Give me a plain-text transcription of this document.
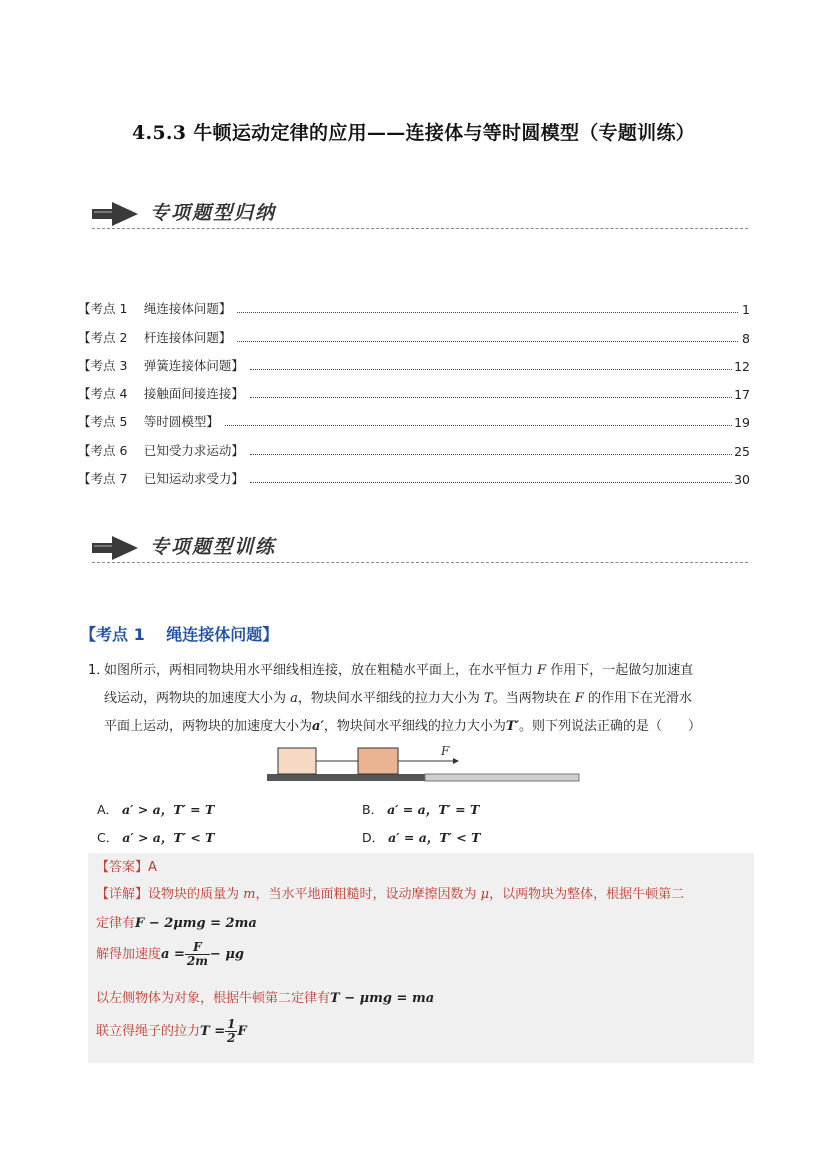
4.5.3 牛顿运动定律的应用——连接体与等时圆模型（专题训练）
专项题型归纳
【考点 1　 绳连接体问题】	1
【考点 2　 杆连接体问题】	8
【考点 3　 弹簧连接体问题】	12
【考点 4　 接触面间接连接】	17
【考点 5　 等时圆模型】	19
【考点 6　 已知受力求运动】	25
【考点 7　 已知运动求受力】	30
专项题型训练
【考点 1　 绳连接体问题】
1．
如图所示，两相同物块用水平细线相连接，放在粗糙水平面上，在水平恒力 F 作用下，一起做匀加速直
线运动，两物块的加速度大小为 a，物块间水平细线的拉力大小为 T。当两物块在 F 的作用下在光滑水
平面上运动，两物块的加速度大小为a′，物块间水平细线的拉力大小为T′。则下列说法正确的是（　　）
F
A． a′ > a，T′ = T	B． a′ = a，T′ = T
C． a′ > a，T′ < T	D． a′ = a，T′ < T
【答案】A
【详解】设物块的质量为 m，当水平地面粗糙时，设动摩擦因数为 μ，以两物块为整体，根据牛顿第二
定律有F − 2μmg = 2ma
解得加速度$a = \frac{F}{2m} - \mu g$
以左侧物体为对象，根据牛顿第二定律有T − μmg = ma
联立得绳子的拉力$T = \frac{1}{2}$ F
